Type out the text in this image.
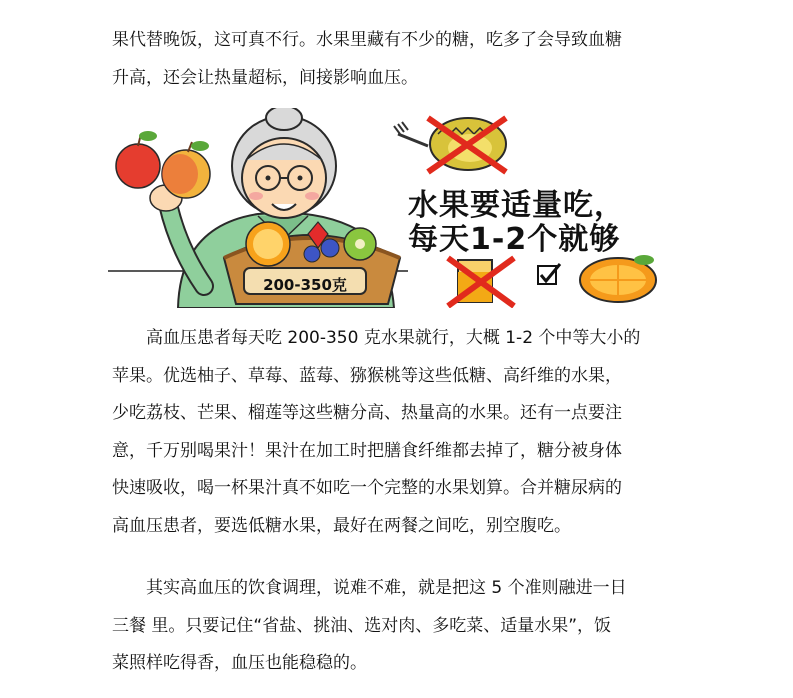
果代替晚饭，这可真不行。水果里藏有不少的糖，吃多了会导致血糖
升高，还会让热量超标，间接影响血压。
水果要适量吃，
每天1-2个就够
200-350克
高血压患者每天吃 200-350 克水果就行，大概 1-2 个中等大小的
苹果。优选柚子、草莓、蓝莓、猕猴桃等这些低糖、高纤维的水果，
少吃荔枝、芒果、榴莲等这些糖分高、热量高的水果。还有一点要注
意，千万别喝果汁！果汁在加工时把膳食纤维都去掉了，糖分被身体
快速吸收，喝一杯果汁真不如吃一个完整的水果划算。合并糖尿病的
高血压患者，要选低糖水果，最好在两餐之间吃，别空腹吃。
其实高血压的饮食调理，说难不难，就是把这 5 个准则融进一日
三餐 里。只要记住“省盐、挑油、选对肉、多吃菜、适量水果”，饭
菜照样吃得香，血压也能稳稳的。
